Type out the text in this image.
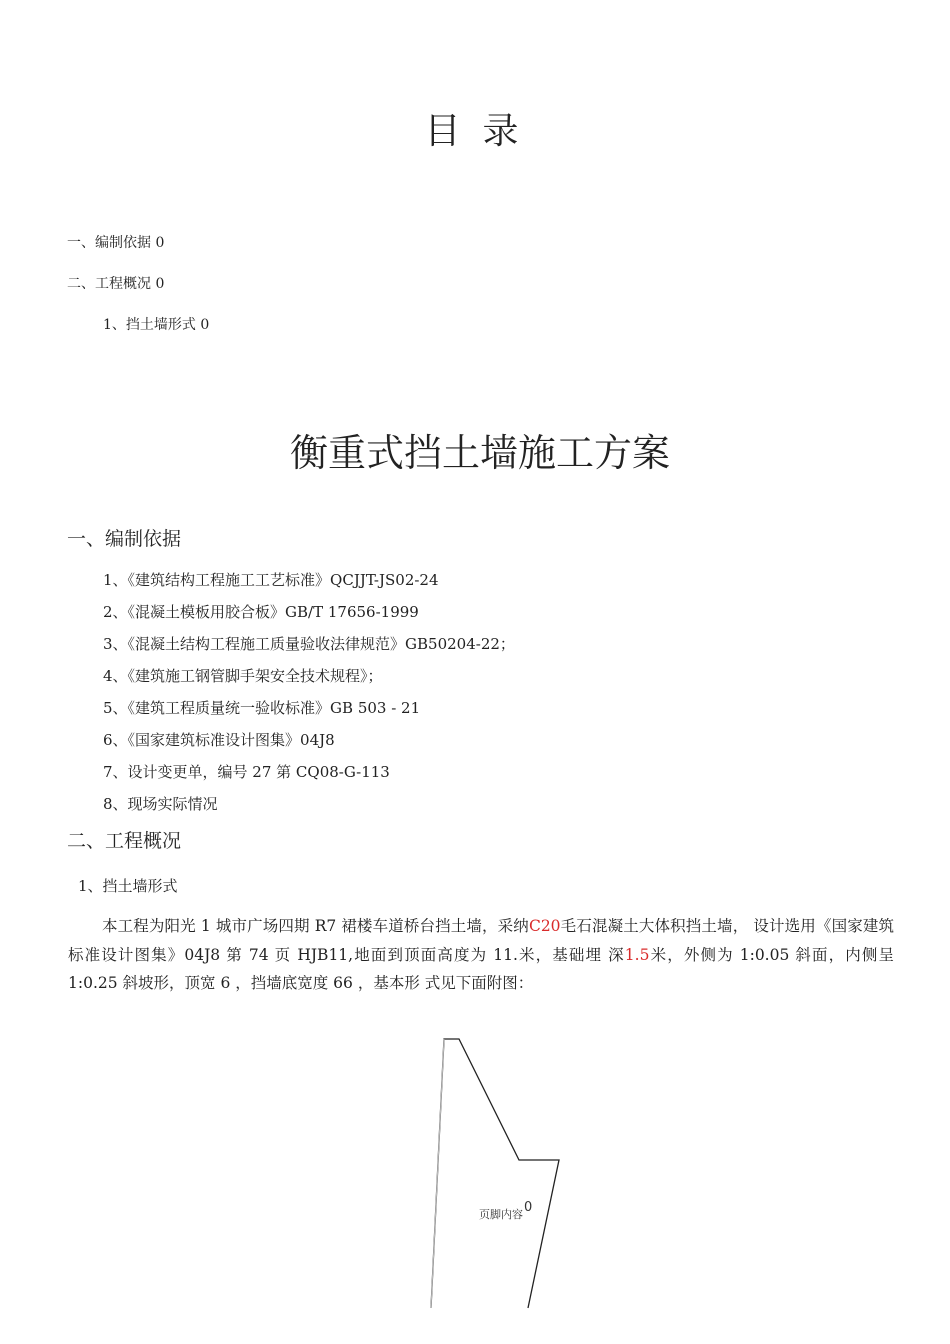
目录
一、编制依据 0
二、工程概况 0
1、挡土墙形式 0
衡重式挡土墙施工方案
一、编制依据
1、《建筑结构工程施工工艺标准》QCJJT-JS02-24
2、《混凝土模板用胶合板》GB/T 17656-1999
3、《混凝土结构工程施工质量验收法律规范》GB50204-22；
4、《建筑施工钢管脚手架安全技术规程》；
5、《建筑工程质量统一验收标准》GB 503 - 21
6、《国家建筑标准设计图集》04J8
7、设计变更单，编号 27 第 CQ08-G-113
8、现场实际情况
二、工程概况
1、挡土墙形式

本工程为阳光 1 城市广场四期 R7 裙楼车道桥台挡土墙，采纳C20毛石混凝土大体积挡土墙， 设计选用《国家建筑标准设计图集》04J8 第 74 页 HJB11,地面到顶面高度为 11.米，基础埋 深1.5米，外侧为 1:0.05 斜面，内侧呈 1:0.25 斜坡形，顶宽 6 ，挡墙底宽度 66 ，基本形 式见下面附图：

页脚内容 0
